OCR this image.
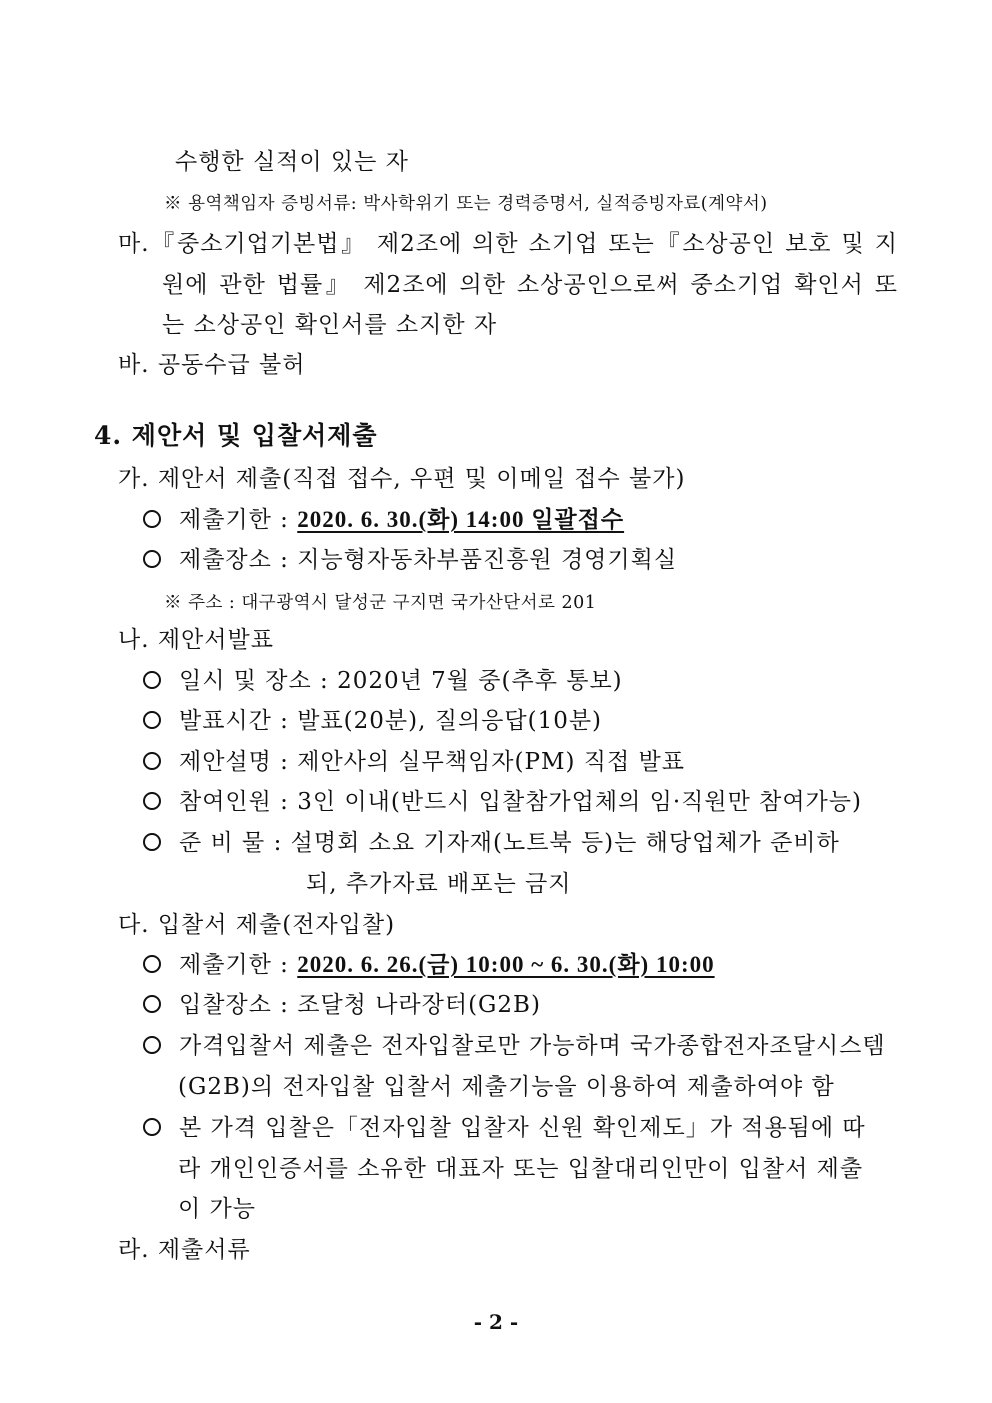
수행한 실적이 있는 자
※ 용역책임자 증빙서류: 박사학위기 또는 경력증명서, 실적증빙자료(계약서)
마.『중소기업기본법』 제2조에 의한 소기업 또는『소상공인 보호 및 지
원에 관한 법률』 제2조에 의한 소상공인으로써 중소기업 확인서 또
는 소상공인 확인서를 소지한 자
바. 공동수급 불허
4. 제안서 및 입찰서제출
가. 제안서 제출(직접 접수, 우편 및 이메일 접수 불가)
제출기한 : 2020. 6. 30.(화) 14:00 일괄접수
제출장소 : 지능형자동차부품진흥원 경영기획실
※ 주소 : 대구광역시 달성군 구지면 국가산단서로 201
나. 제안서발표
일시 및 장소 : 2020년 7월 중(추후 통보)
발표시간 : 발표(20분), 질의응답(10분)
제안설명 : 제안사의 실무책임자(PM) 직접 발표
참여인원 : 3인 이내(반드시 입찰참가업체의 임·직원만 참여가능)
준 비 물 : 설명회 소요 기자재(노트북 등)는 해당업체가 준비하
되, 추가자료 배포는 금지
다. 입찰서 제출(전자입찰)
제출기한 : 2020. 6. 26.(금) 10:00 ~ 6. 30.(화) 10:00
입찰장소 : 조달청 나라장터(G2B)
가격입찰서 제출은 전자입찰로만 가능하며 국가종합전자조달시스템
(G2B)의 전자입찰 입찰서 제출기능을 이용하여 제출하여야 함
본 가격 입찰은「전자입찰 입찰자 신원 확인제도」가 적용됨에 따
라 개인인증서를 소유한 대표자 또는 입찰대리인만이 입찰서 제출
이 가능
라. 제출서류
- 2 -
